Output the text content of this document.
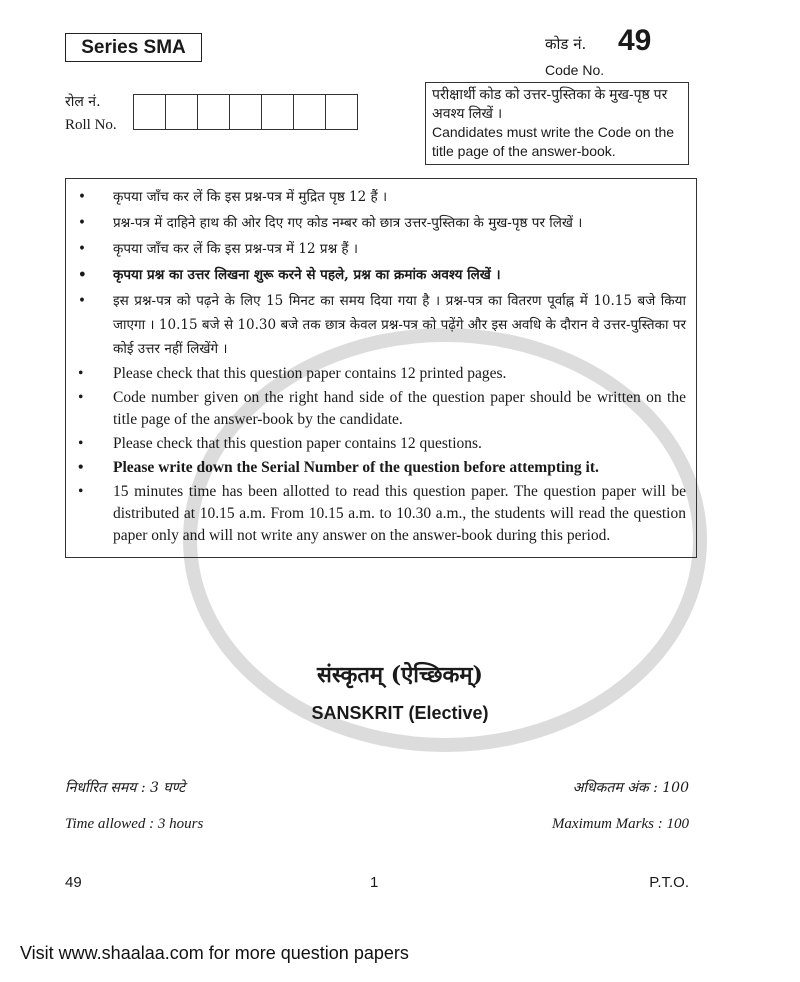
Series SMA	कोड नं. 49
Code No.
रोल नं.
Roll No.
परीक्षार्थी कोड को उत्तर-पुस्तिका के मुख-पृष्ठ पर अवश्य लिखें ।
Candidates must write the Code on the title page of the answer-book.
• कृपया जाँच कर लें कि इस प्रश्न-पत्र में मुद्रित पृष्ठ 12 हैं ।
• प्रश्न-पत्र में दाहिने हाथ की ओर दिए गए कोड नम्बर को छात्र उत्तर-पुस्तिका के मुख-पृष्ठ पर लिखें ।
• कृपया जाँच कर लें कि इस प्रश्न-पत्र में 12 प्रश्न हैं ।
• कृपया प्रश्न का उत्तर लिखना शुरू करने से पहले, प्रश्न का क्रमांक अवश्य लिखें ।
• इस प्रश्न-पत्र को पढ़ने के लिए 15 मिनट का समय दिया गया है । प्रश्न-पत्र का वितरण पूर्वाह्न में 10.15 बजे किया जाएगा । 10.15 बजे से 10.30 बजे तक छात्र केवल प्रश्न-पत्र को पढ़ेंगे और इस अवधि के दौरान वे उत्तर-पुस्तिका पर कोई उत्तर नहीं लिखेंगे ।
• Please check that this question paper contains 12 printed pages.
• Code number given on the right hand side of the question paper should be written on the title page of the answer-book by the candidate.
• Please check that this question paper contains 12 questions.
• Please write down the Serial Number of the question before attempting it.
• 15 minutes time has been allotted to read this question paper. The question paper will be distributed at 10.15 a.m. From 10.15 a.m. to 10.30 a.m., the students will read the question paper only and will not write any answer on the answer-book during this period.
संस्कृतम् (ऐच्छिकम्)
SANSKRIT (Elective)
निर्धारित समय : 3 घण्टे	अधिकतम अंक : 100
Time allowed : 3 hours	Maximum Marks : 100
49	1	P.T.O.
Visit www.shaalaa.com for more question papers
